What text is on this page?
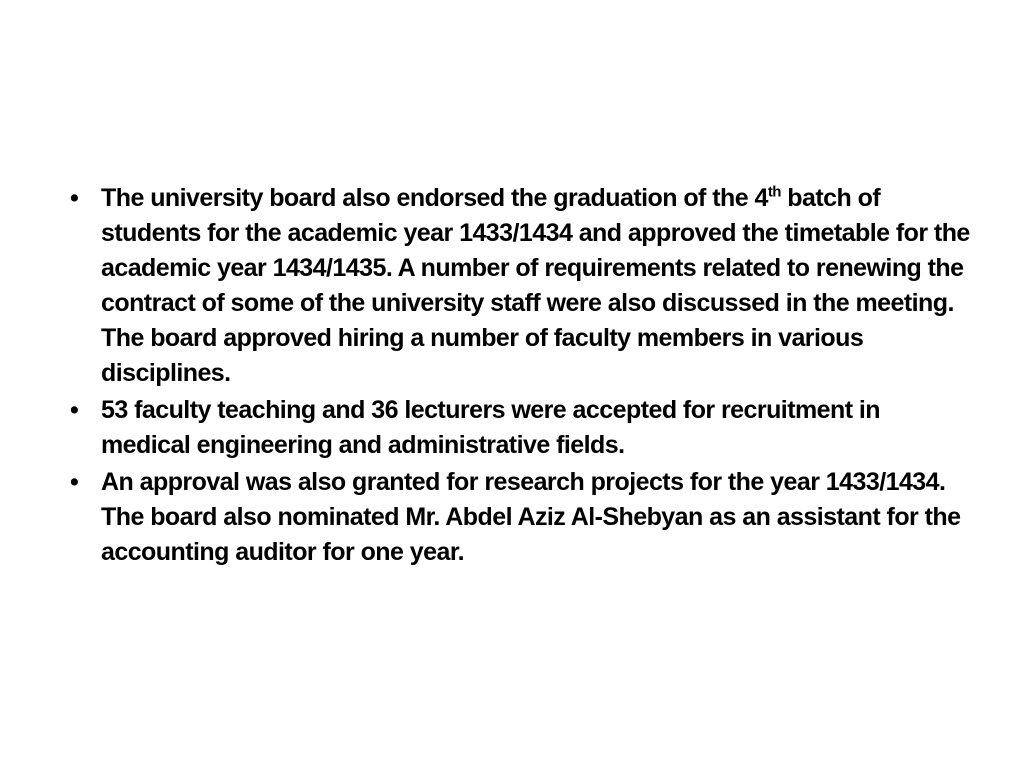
• The university board also endorsed the graduation of the 4th batch of students for the academic year 1433/1434 and approved the timetable for the academic year 1434/1435. A number of requirements related to renewing the contract of some of the university staff were also discussed in the meeting. The board approved hiring a number of faculty members in various disciplines.
• 53 faculty teaching and 36 lecturers were accepted for recruitment in medical engineering and administrative fields.
• An approval was also granted for research projects for the year 1433/1434. The board also nominated Mr. Abdel Aziz Al-Shebyan as an assistant for the accounting auditor for one year.
